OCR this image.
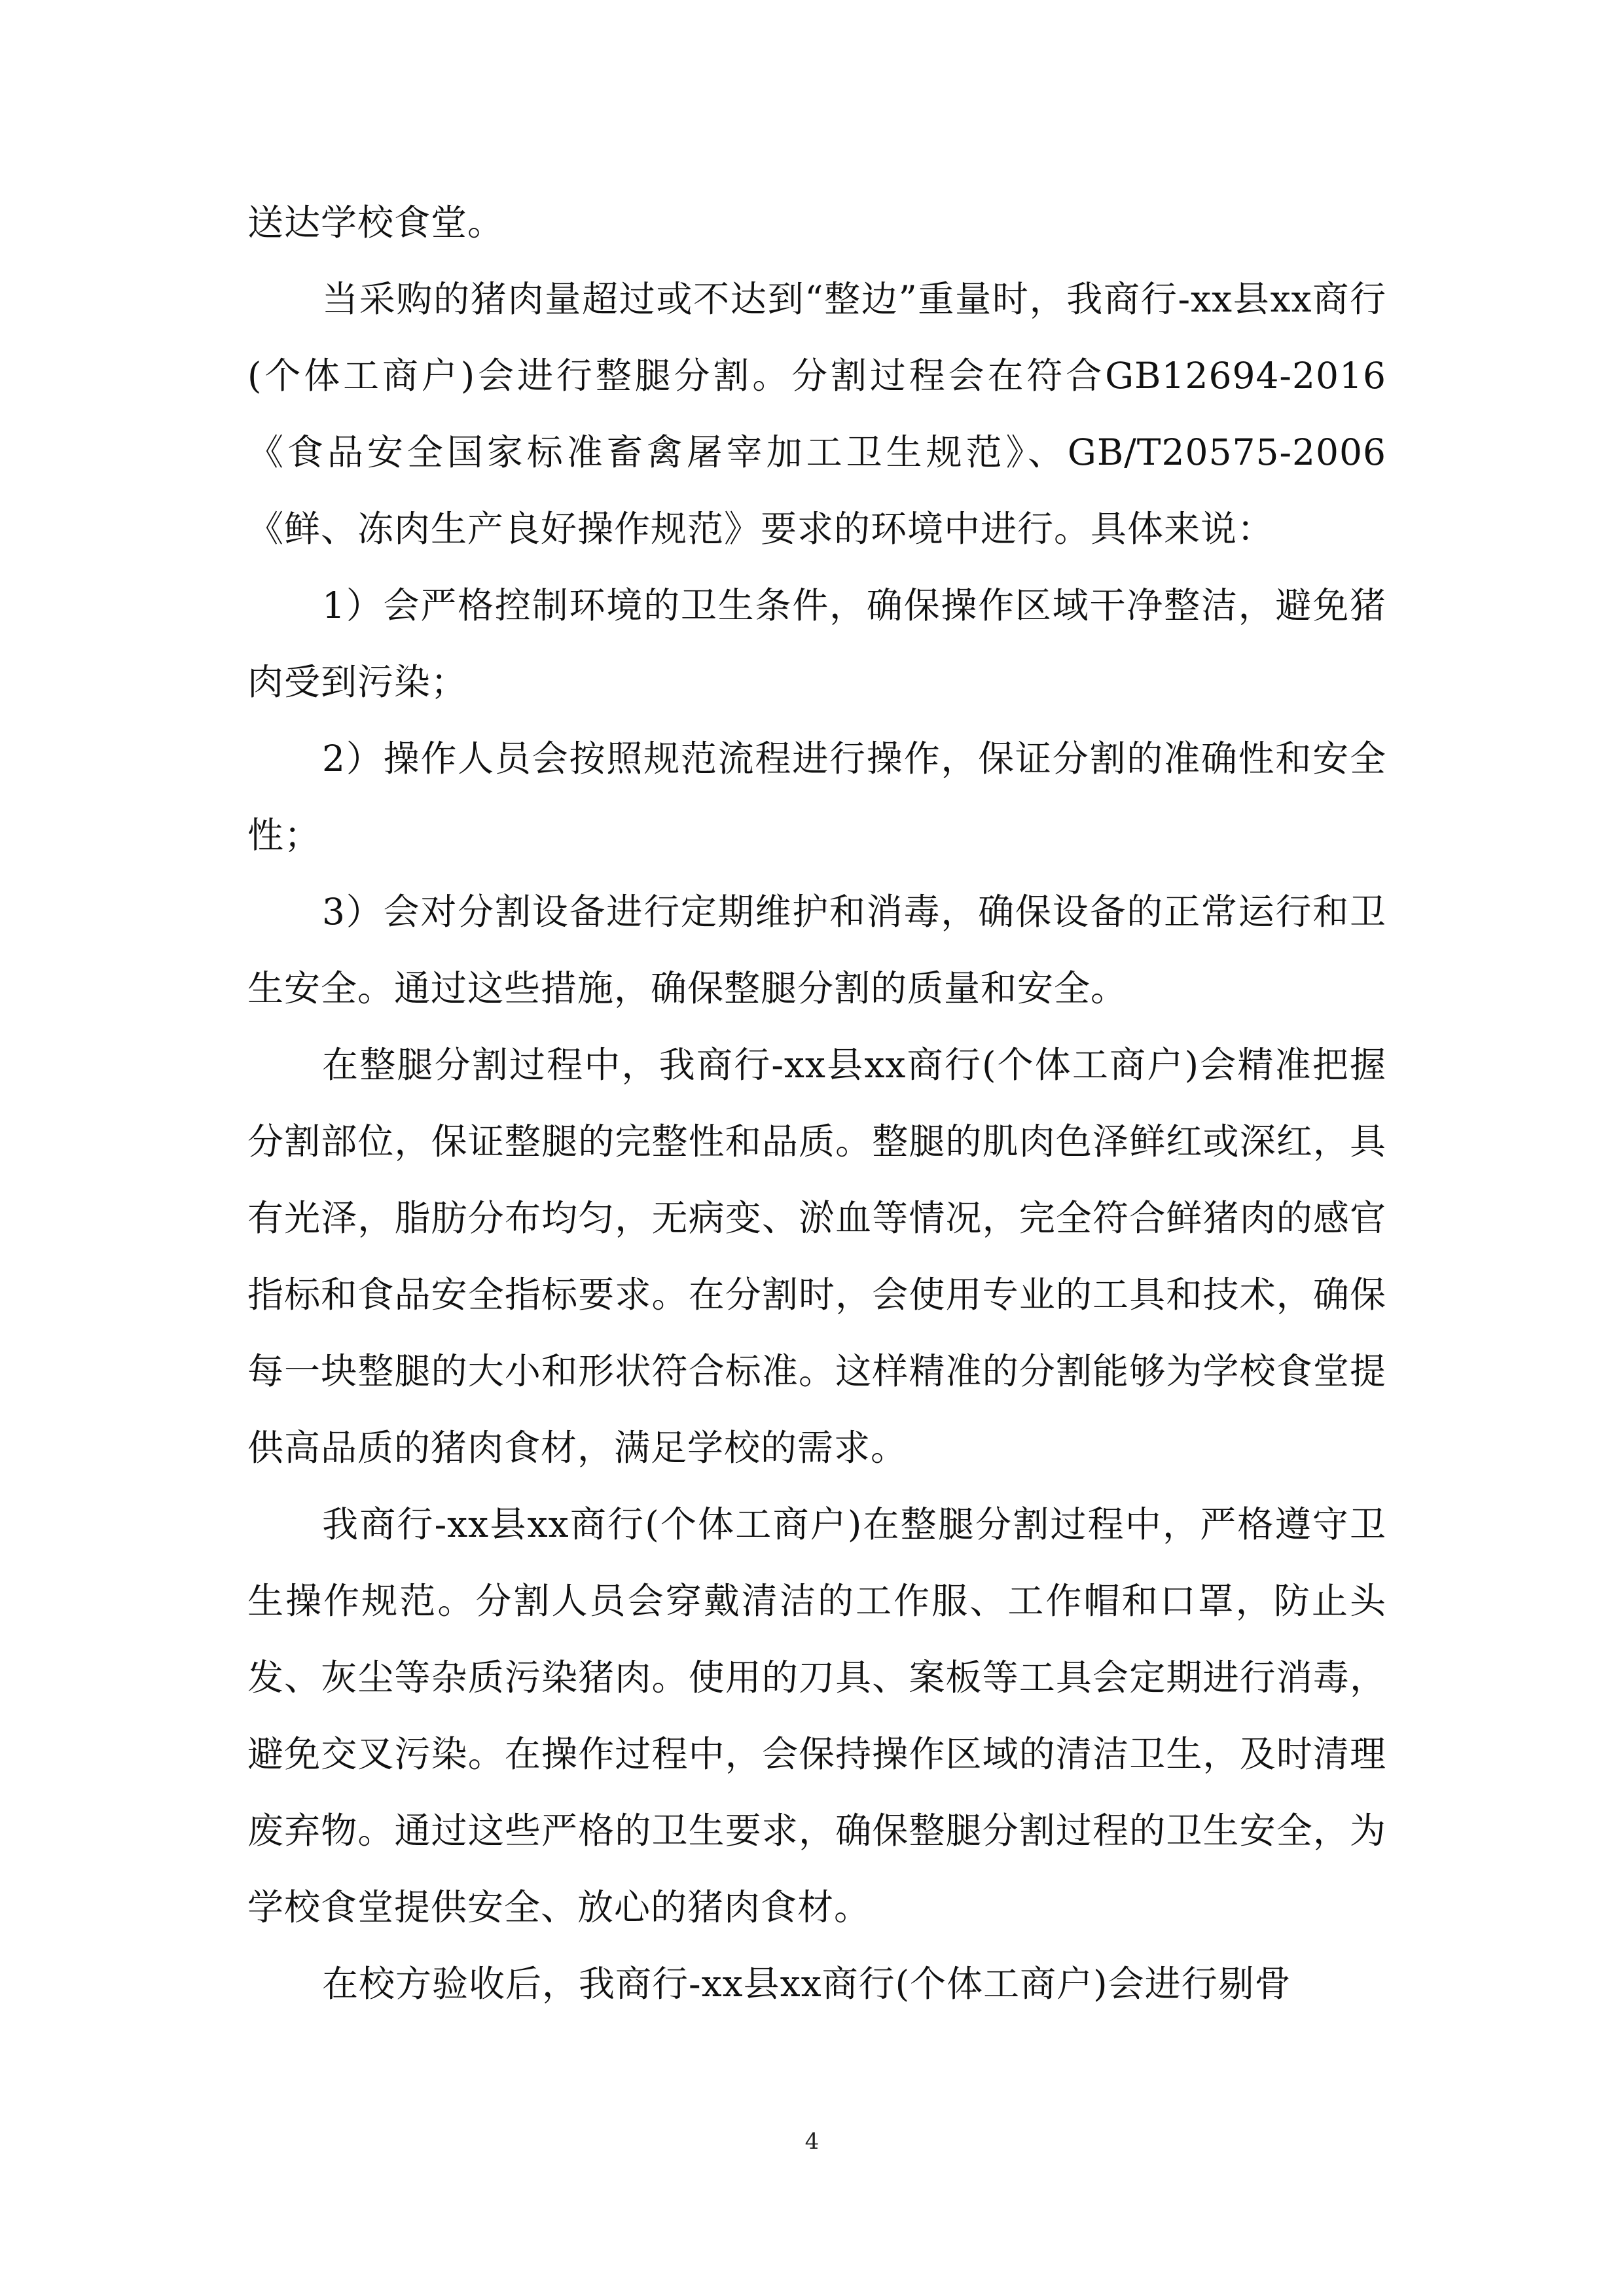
送达学校食堂。

当采购的猪肉量超过或不达到“整边”重量时，我商行-xx县xx商行(个体工商户)会进行整腿分割。分割过程会在符合GB12694-2016《食品安全国家标准畜禽屠宰加工卫生规范》、GB/T20575-2006《鲜、冻肉生产良好操作规范》要求的环境中进行。具体来说：

1）会严格控制环境的卫生条件，确保操作区域干净整洁，避免猪肉受到污染；

2）操作人员会按照规范流程进行操作，保证分割的准确性和安全性；

3）会对分割设备进行定期维护和消毒，确保设备的正常运行和卫生安全。通过这些措施，确保整腿分割的质量和安全。

在整腿分割过程中，我商行-xx县xx商行(个体工商户)会精准把握分割部位，保证整腿的完整性和品质。整腿的肌肉色泽鲜红或深红，具有光泽，脂肪分布均匀，无病变、淤血等情况，完全符合鲜猪肉的感官指标和食品安全指标要求。在分割时，会使用专业的工具和技术，确保每一块整腿的大小和形状符合标准。这样精准的分割能够为学校食堂提供高品质的猪肉食材，满足学校的需求。

我商行-xx县xx商行(个体工商户)在整腿分割过程中，严格遵守卫生操作规范。分割人员会穿戴清洁的工作服、工作帽和口罩，防止头发、灰尘等杂质污染猪肉。使用的刀具、案板等工具会定期进行消毒，避免交叉污染。在操作过程中，会保持操作区域的清洁卫生，及时清理废弃物。通过这些严格的卫生要求，确保整腿分割过程的卫生安全，为学校食堂提供安全、放心的猪肉食材。

在校方验收后，我商行-xx县xx商行(个体工商户)会进行剔骨

4
